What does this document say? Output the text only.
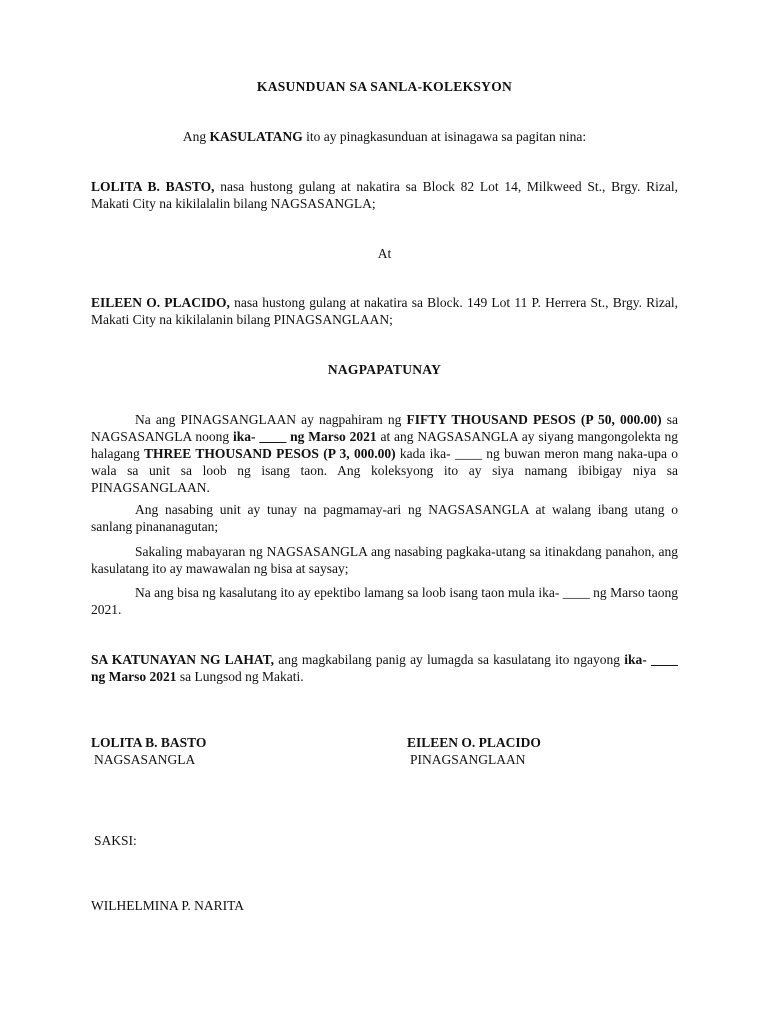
KASUNDUAN SA SANLA-KOLEKSYON
Ang KASULATANG ito ay pinagkasunduan at isinagawa sa pagitan nina:
LOLITA B. BASTO, nasa hustong gulang at nakatira sa Block 82 Lot 14, Milkweed St., Brgy. Rizal, Makati City na kikilalalin bilang NAGSASANGLA;
At
EILEEN O. PLACIDO, nasa hustong gulang at nakatira sa Block. 149 Lot 11 P. Herrera St., Brgy. Rizal, Makati City na kikilalanin bilang PINAGSANGLAAN;
NAGPAPATUNAY
Na ang PINAGSANGLAAN ay nagpahiram ng FIFTY THOUSAND PESOS (P 50, 000.00) sa NAGSASANGLA noong ika- ____ ng Marso 2021 at ang NAGSASANGLA ay siyang mangongolekta ng halagang THREE THOUSAND PESOS (P 3, 000.00) kada ika- ____ ng buwan meron mang naka-upa o wala sa unit sa loob ng isang taon. Ang koleksyong ito ay siya namang ibibigay niya sa PINAGSANGLAAN.
Ang nasabing unit ay tunay na pagmamay-ari ng NAGSASANGLA at walang ibang utang o sanlang pinananagutan;
Sakaling mabayaran ng NAGSASANGLA ang nasabing pagkaka-utang sa itinakdang panahon, ang kasulatang ito ay mawawalan ng bisa at saysay;
Na ang bisa ng kasalutang ito ay epektibo lamang sa loob isang taon mula ika- ____ ng Marso taong 2021.
SA KATUNAYAN NG LAHAT, ang magkabilang panig ay lumagda sa kasulatang ito ngayong ika- ____ ng Marso 2021 sa Lungsod ng Makati.
LOLITA B. BASTO
NAGSASANGLA
EILEEN O. PLACIDO
PINAGSANGLAAN
SAKSI:
WILHELMINA P. NARITA
